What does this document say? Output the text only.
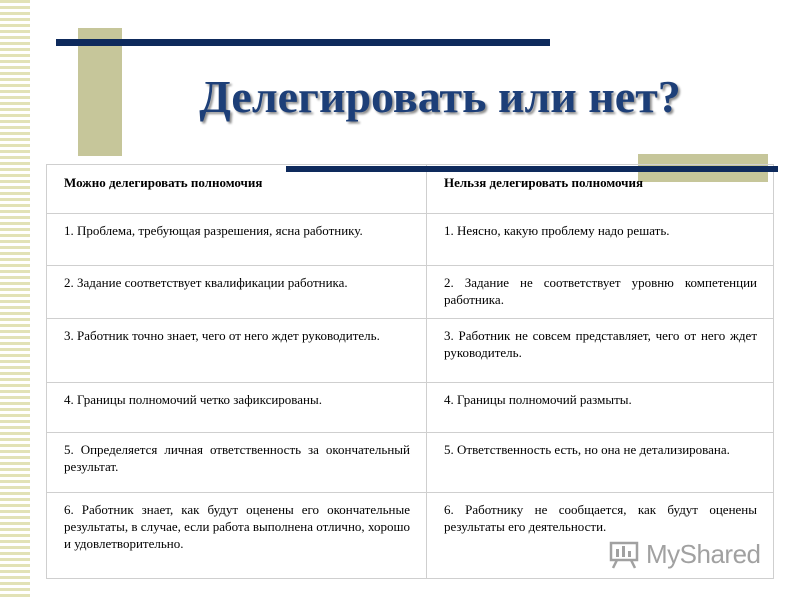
Делегировать или нет?
Можно делегировать полномочия	Нельзя делегировать полномочия
1. Проблема, требующая разрешения, ясна работнику.	1. Неясно, какую проблему надо решать.
2. Задание соответствует квалификации работника.	2. Задание не соответствует уровню компетенции работника.
3. Работник точно знает, чего от него ждет руководитель.	3. Работник не совсем представляет, чего от него ждет руководитель.
4. Границы полномочий четко зафиксированы.	4. Границы полномочий размыты.
5. Определяется личная ответственность за окончательный результат.	5. Ответственность есть, но она не детализирована.
6. Работник знает, как будут оценены его окончательные результаты, в случае, если работа выполнена отлично, хорошо и удовлетворительно.	6. Работнику не сообщается, как будут оценены результаты его деятельности.
MyShared
